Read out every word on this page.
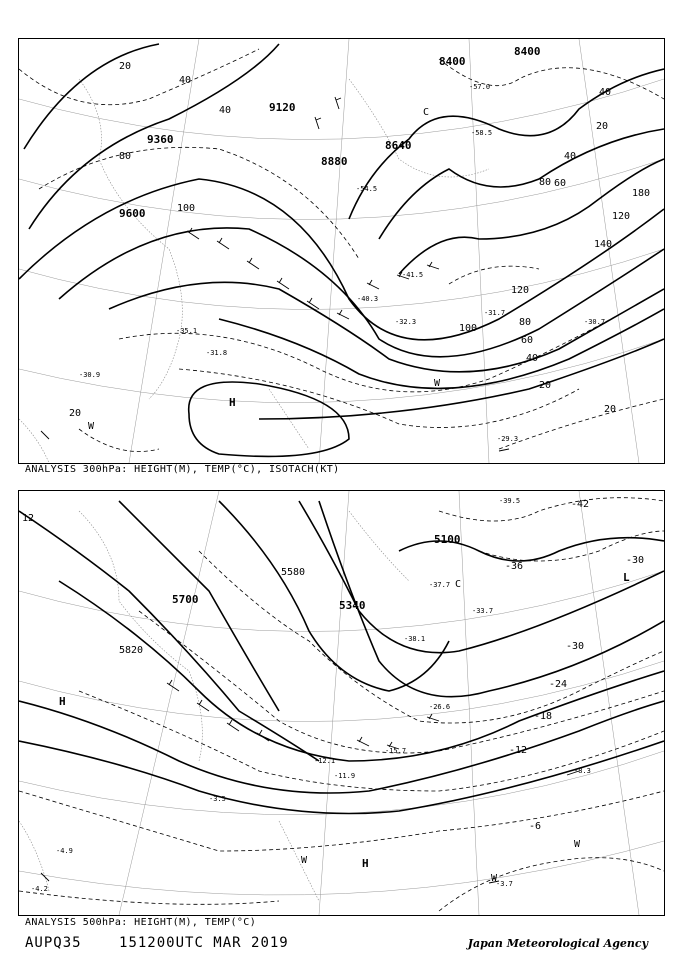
8400
8400
8640
8880
9120
9360
9600
20
20
20
20
20
40
40
40
40
40
60
60
80
80
80
100
100
120
120
140
180
-57.0
-58.5
-54.5
-41.5
-40.3
-32.3
-31.7
-30.7
-31.8
-29.3
-35.1
-30.9
H
W
W
C
ANALYSIS 300hPa: HEIGHT(M), TEMP(°C), ISOTACH(KT)
5100
5340
5580
5700
5820
-42
-36
-30
-30
-24
-18
-12
-6
12
-39.5
-37.7
-38.1
-33.7
-26.6
-15.7
-12.1
-11.9
-8.3
-4.9
-3.5
-3.7
-4.2
H
H
L
W
W
W
C
ANALYSIS 500hPa: HEIGHT(M), TEMP(°C)
AUPQ35	151200UTC MAR 2019	Japan Meteorological Agency
